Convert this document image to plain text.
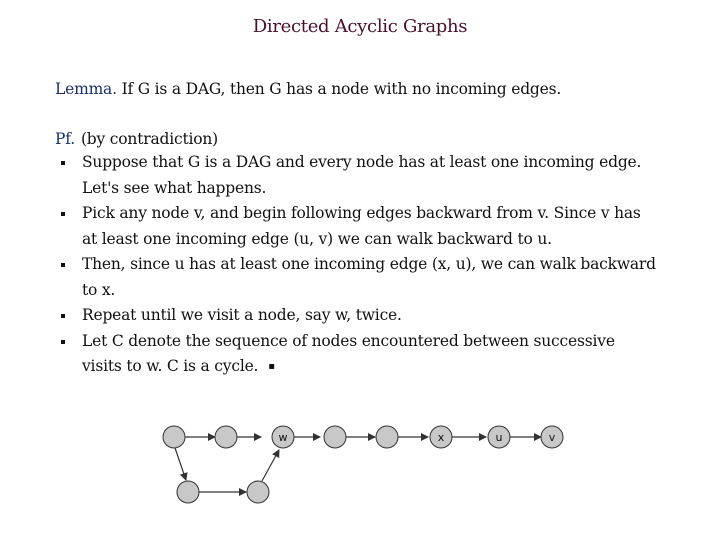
Directed Acyclic Graphs
Lemma. If G is a DAG, then G has a node with no incoming edges.
Pf. (by contradiction)
Suppose that G is a DAG and every node has at least one incoming edge.
Let's see what happens.
Pick any node v, and begin following edges backward from v. Since v has
at least one incoming edge (u, v) we can walk backward to u.
Then, since u has at least one incoming edge (x, u), we can walk backward
to x.
Repeat until we visit a node, say w, twice.
Let C denote the sequence of nodes encountered between successive
visits to w. C is a cycle. ▪
w	x	u	v
